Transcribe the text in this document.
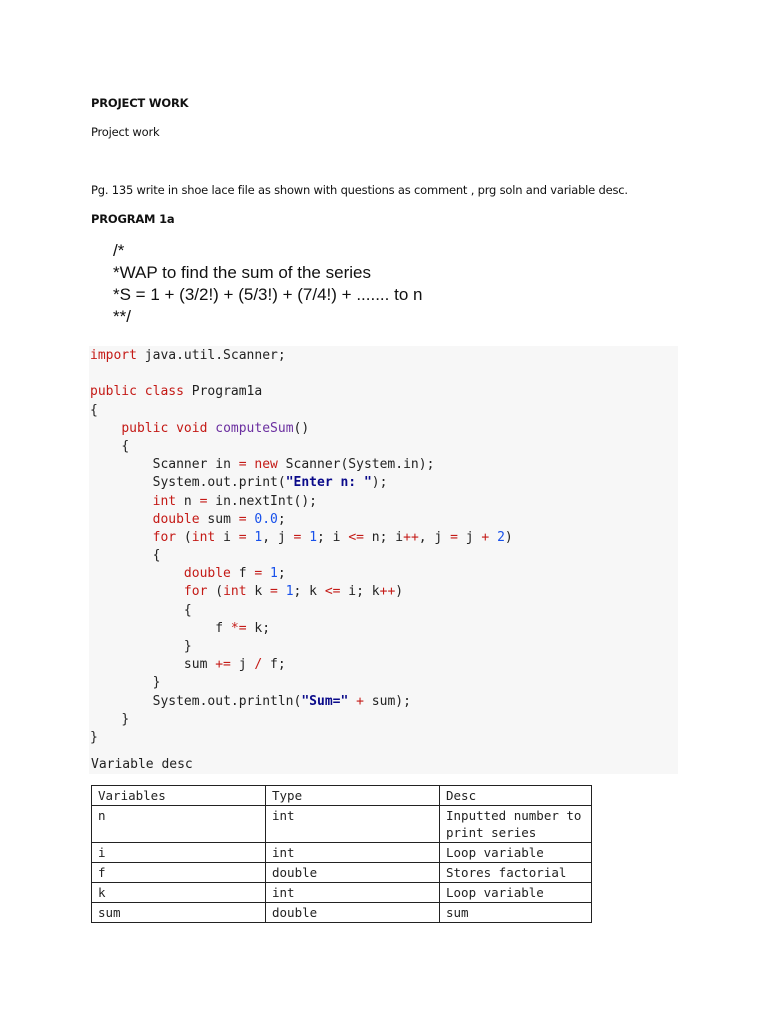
PROJECT WORK
Project work
Pg. 135 write in shoe lace file as shown with questions as comment , prg soln and variable desc.
PROGRAM 1a
/*
*WAP to find the sum of the series
*S = 1 + (3/2!) + (5/3!) + (7/4!) + ....... to n
**/
import java.util.Scanner;

public class Program1a
{
public void computeSum()
{
Scanner in = new Scanner(System.in);
System.out.print("Enter n: ");
int n = in.nextInt();
double sum = 0.0;
for (int i = 1, j = 1; i <= n; i++, j = j + 2)
{
double f = 1;
for (int k = 1; k <= i; k++)
{
f *= k;
}
sum += j / f;
}
System.out.println("Sum=" + sum);
}
}
Variable desc
Variables	Type	Desc
n	int	Inputted number to print series
i	int	Loop variable
f	double	Stores factorial
k	int	Loop variable
sum	double	sum
